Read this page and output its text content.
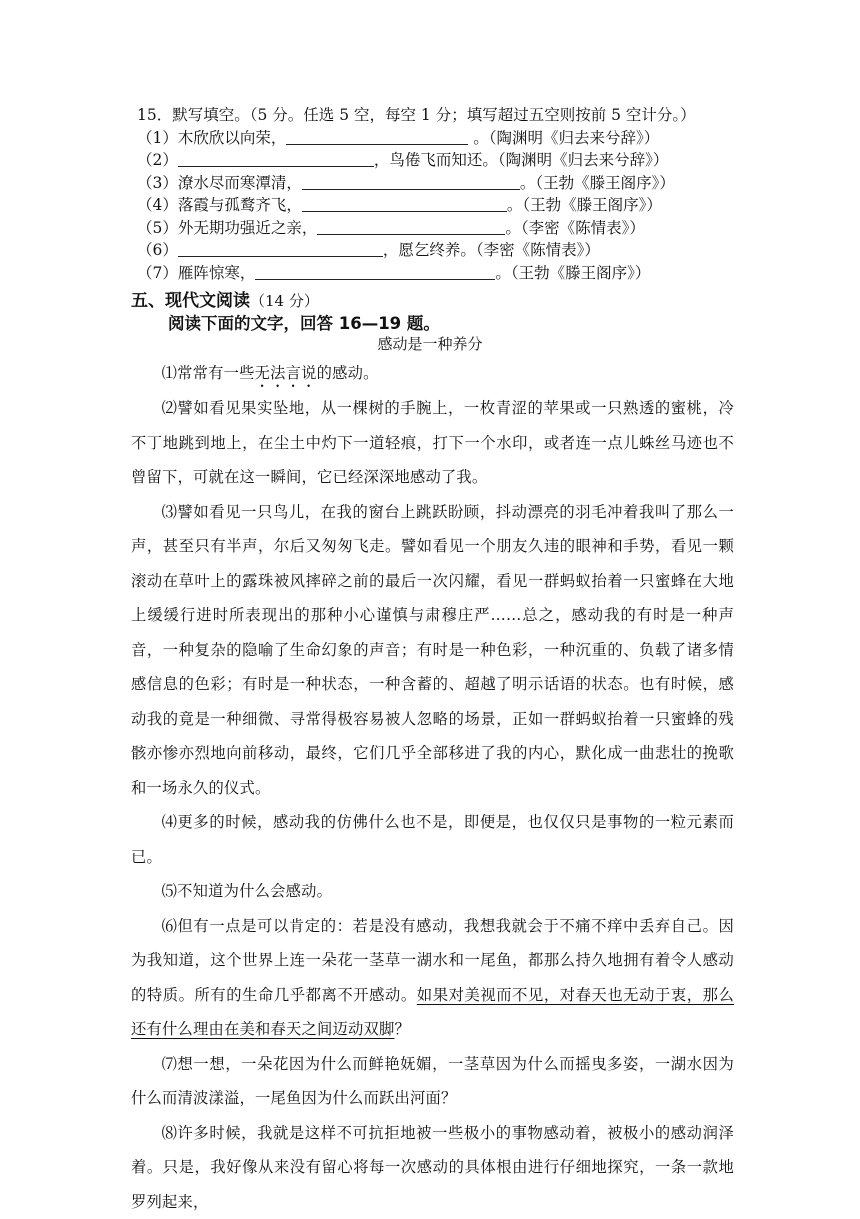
15．默写填空。（5 分。任选 5 空，每空 1 分；填写超过五空则按前 5 空计分。）
（1）木欣欣以向荣，	。（陶渊明《归去来兮辞》）
（2）	，鸟倦飞而知还。（陶渊明《归去来兮辞》）
（3）潦水尽而寒潭清，	。（王勃《滕王阁序》）
（4）落霞与孤鹜齐飞，	。（王勃《滕王阁序》）
（5）外无期功强近之亲，	。（李密《陈情表》）
（6）	，愿乞终养。（李密《陈情表》）
（7）雁阵惊寒，	。（王勃《滕王阁序》）
五、现代文阅读（14 分）
阅读下面的文字，回答 16—19 题。
感动是一种养分

⑴常常有一些无法言说的感动。

⑵譬如看见果实坠地，从一棵树的手腕上，一枚青涩的苹果或一只熟透的蜜桃，冷不丁地跳到地上，在尘土中灼下一道轻痕，打下一个水印，或者连一点儿蛛丝马迹也不曾留下，可就在这一瞬间，它已经深深地感动了我。

⑶譬如看见一只鸟儿，在我的窗台上跳跃盼顾，抖动漂亮的羽毛冲着我叫了那么一声，甚至只有半声，尔后又匆匆飞走。譬如看见一个朋友久违的眼神和手势，看见一颗滚动在草叶上的露珠被风摔碎之前的最后一次闪耀，看见一群蚂蚁抬着一只蜜蜂在大地上缓缓行进时所表现出的那种小心谨慎与肃穆庄严……总之，感动我的有时是一种声音，一种复杂的隐喻了生命幻象的声音；有时是一种色彩，一种沉重的、负载了诸多情感信息的色彩；有时是一种状态，一种含蓄的、超越了明示话语的状态。也有时候，感动我的竟是一种细微、寻常得极容易被人忽略的场景，正如一群蚂蚁抬着一只蜜蜂的残骸亦惨亦烈地向前移动，最终，它们几乎全部移进了我的内心，默化成一曲悲壮的挽歌和一场永久的仪式。

⑷更多的时候，感动我的仿佛什么也不是，即便是，也仅仅只是事物的一粒元素而已。

⑸不知道为什么会感动。

⑹但有一点是可以肯定的：若是没有感动，我想我就会于不痛不痒中丢弃自己。因为我知道，这个世界上连一朵花一茎草一湖水和一尾鱼，都那么持久地拥有着令人感动的特质。所有的生命几乎都离不开感动。如果对美视而不见，对春天也无动于衷，那么还有什么理由在美和春天之间迈动双脚？

⑺想一想，一朵花因为什么而鲜艳妩媚，一茎草因为什么而摇曳多姿，一湖水因为什么而清波漾溢，一尾鱼因为什么而跃出河面？

⑻许多时候，我就是这样不可抗拒地被一些极小的事物感动着，被极小的感动润泽着。只是，我好像从来没有留心将每一次感动的具体根由进行仔细地探究，一条一款地罗列起来，
